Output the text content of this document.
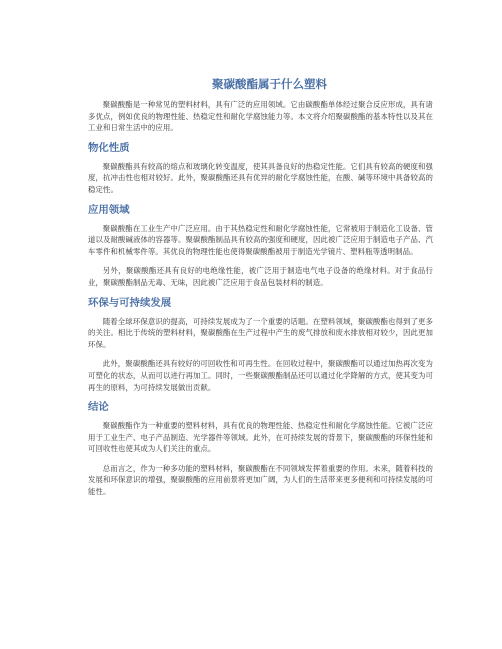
聚碳酸酯属于什么塑料

聚碳酸酯是一种常见的塑料材料，具有广泛的应用领域。它由碳酸酯单体经过聚合反应形成，具有诸多优点，例如优良的物理性能、热稳定性和耐化学腐蚀能力等。本文将介绍聚碳酸酯的基本特性以及其在工业和日常生活中的应用。

物化性质

聚碳酸酯具有较高的熔点和玻璃化转变温度，使其具备良好的热稳定性能。它们具有较高的硬度和强度，抗冲击性也相对较好。此外，聚碳酸酯还具有优异的耐化学腐蚀性能，在酸、碱等环境中具备较高的稳定性。

应用领域

聚碳酸酯在工业生产中广泛应用。由于其热稳定性和耐化学腐蚀性能，它常被用于制造化工设备、管道以及耐酸碱液体的容器等。聚碳酸酯制品具有较高的强度和硬度，因此被广泛应用于制造电子产品、汽车零件和机械零件等。其优良的物理性能也使得聚碳酸酯被用于制造光学镜片、塑料瓶等透明制品。

另外，聚碳酸酯还具有良好的电绝缘性能，被广泛用于制造电气电子设备的绝缘材料。对于食品行业，聚碳酸酯制品无毒、无味，因此被广泛应用于食品包装材料的制造。

环保与可持续发展

随着全球环保意识的提高，可持续发展成为了一个重要的话题。在塑料领域，聚碳酸酯也得到了更多的关注。相比于传统的塑料材料，聚碳酸酯在生产过程中产生的废气排放和废水排放相对较少，因此更加环保。

此外，聚碳酸酯还具有较好的可回收性和可再生性。在回收过程中，聚碳酸酯可以通过加热再次变为可塑化的状态，从而可以进行再加工。同时，一些聚碳酸酯制品还可以通过化学降解的方式，使其变为可再生的原料，为可持续发展做出贡献。

结论

聚碳酸酯作为一种重要的塑料材料，具有优良的物理性能、热稳定性和耐化学腐蚀性能。它被广泛应用于工业生产、电子产品制造、光学器件等领域。此外，在可持续发展的背景下，聚碳酸酯的环保性能和可回收性也使其成为人们关注的重点。

总而言之，作为一种多功能的塑料材料，聚碳酸酯在不同领域发挥着重要的作用。未来，随着科技的发展和环保意识的增强，聚碳酸酯的应用前景将更加广阔，为人们的生活带来更多便利和可持续发展的可能性。
